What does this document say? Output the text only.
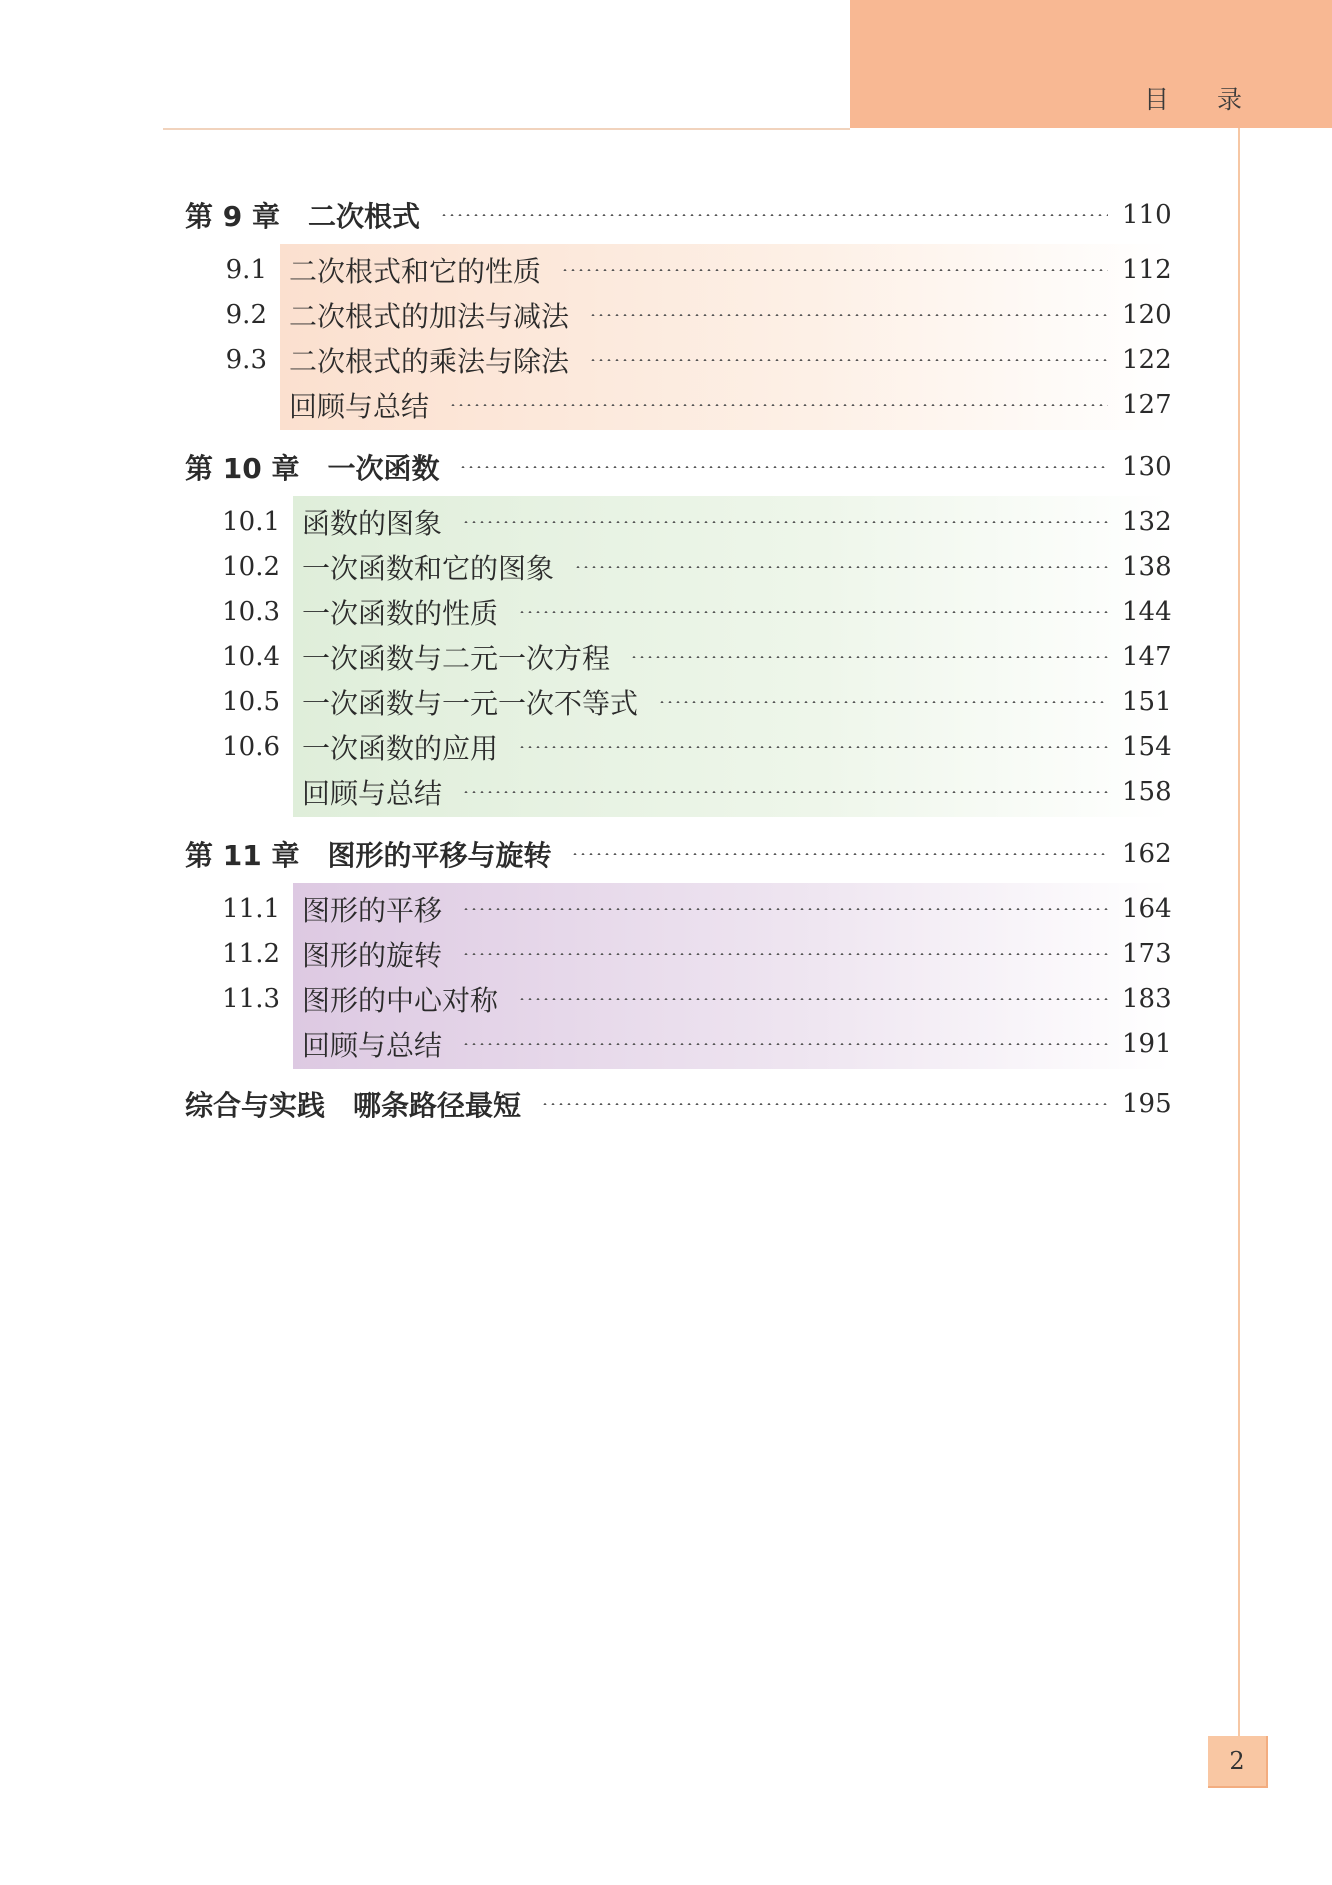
目 录
第 9 章 二次根式	110
9.1 二次根式和它的性质	112
9.2 二次根式的加法与减法	120
9.3 二次根式的乘法与除法	122
回顾与总结	127
第 10 章 一次函数	130
10.1 函数的图象	132
10.2 一次函数和它的图象	138
10.3 一次函数的性质	144
10.4 一次函数与二元一次方程	147
10.5 一次函数与一元一次不等式	151
10.6 一次函数的应用	154
回顾与总结	158
第 11 章 图形的平移与旋转	162
11.1 图形的平移	164
11.2 图形的旋转	173
11.3 图形的中心对称	183
回顾与总结	191
综合与实践 哪条路径最短	195
2
